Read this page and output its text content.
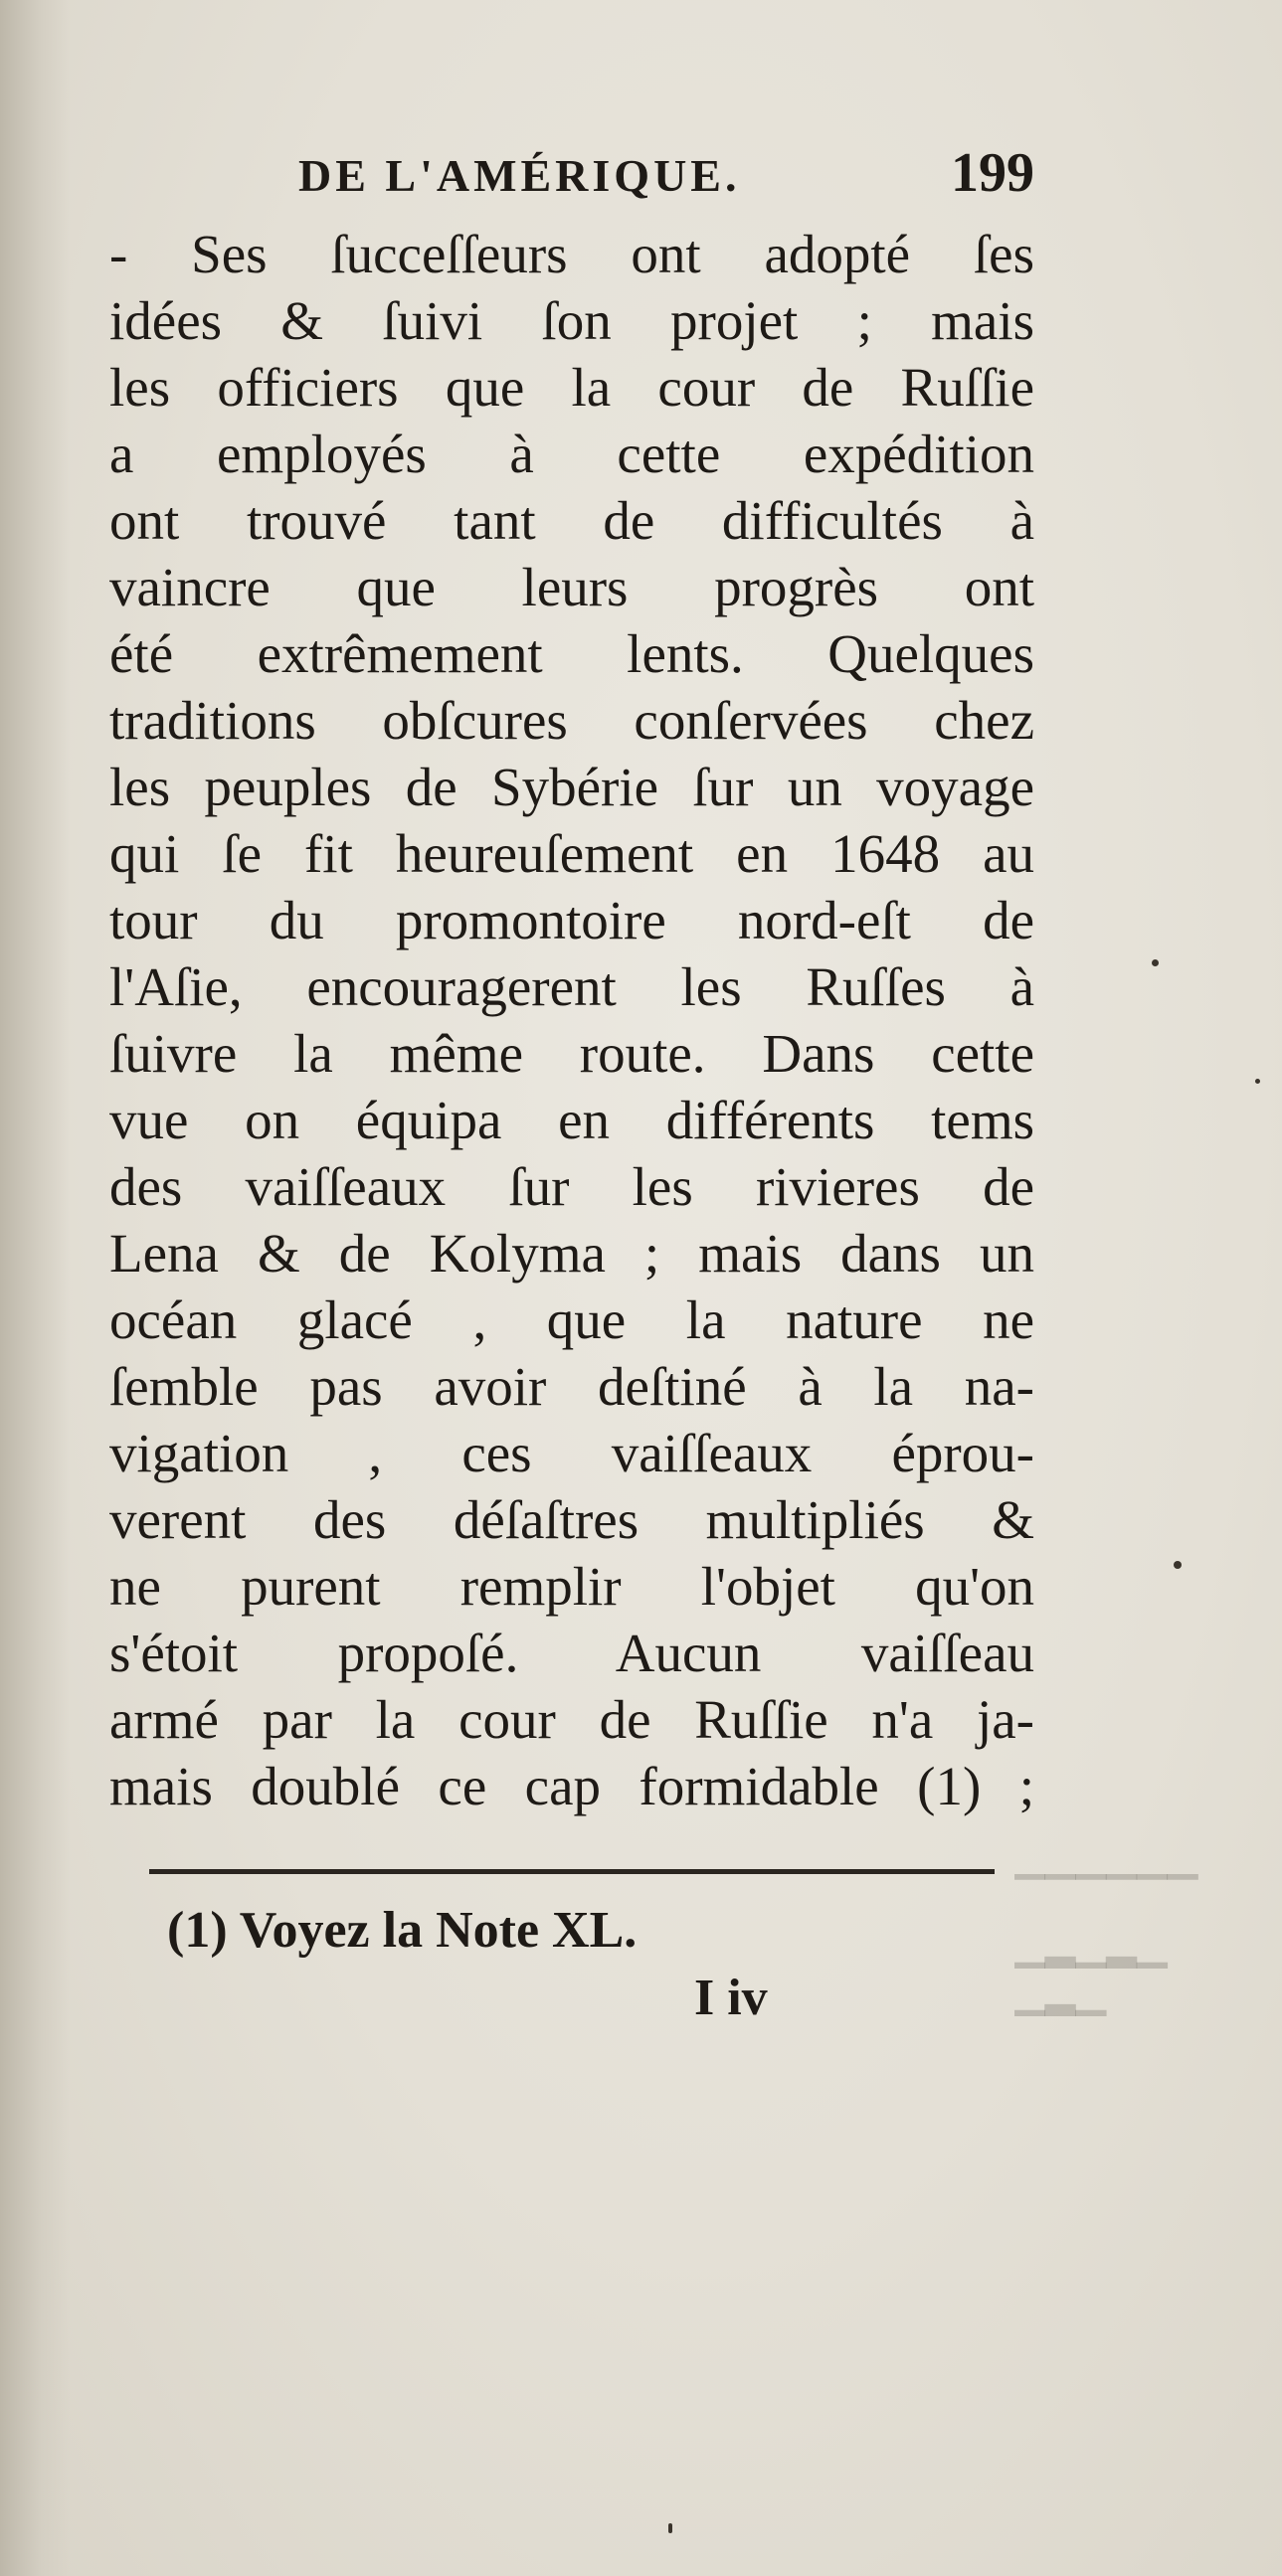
DE L'AMÉRIQUE.	199
- Ses ſucceſſeurs ont adopté ſes
idées & ſuivi ſon projet ; mais
les officiers que la cour de Ruſſie
a employés à cette expédition
ont trouvé tant de difficultés à
vaincre que leurs progrès ont
été extrêmement lents. Quelques
traditions obſcures conſervées chez
les peuples de Sybérie ſur un voyage
qui ſe fit heureuſement en 1648 au
tour du promontoire nord-eſt de
l'Aſie, encouragerent les Ruſſes à
ſuivre la même route. Dans cette
vue on équipa en différents tems
des vaiſſeaux ſur les rivieres de
Lena & de Kolyma ; mais dans un
océan glacé , que la nature ne
ſemble pas avoir deſtiné à la na-
vigation , ces vaiſſeaux éprou-
verent des déſaſtres multipliés &
ne purent remplir l'objet qu'on
s'étoit propoſé. Aucun vaiſſeau
armé par la cour de Ruſſie n'a ja-
mais doublé ce cap formidable (1) ;
(1) Voyez la Note XL.
I iv
▔▔▔▔▔▔
▁▂▁▂▁
▁▂▁
